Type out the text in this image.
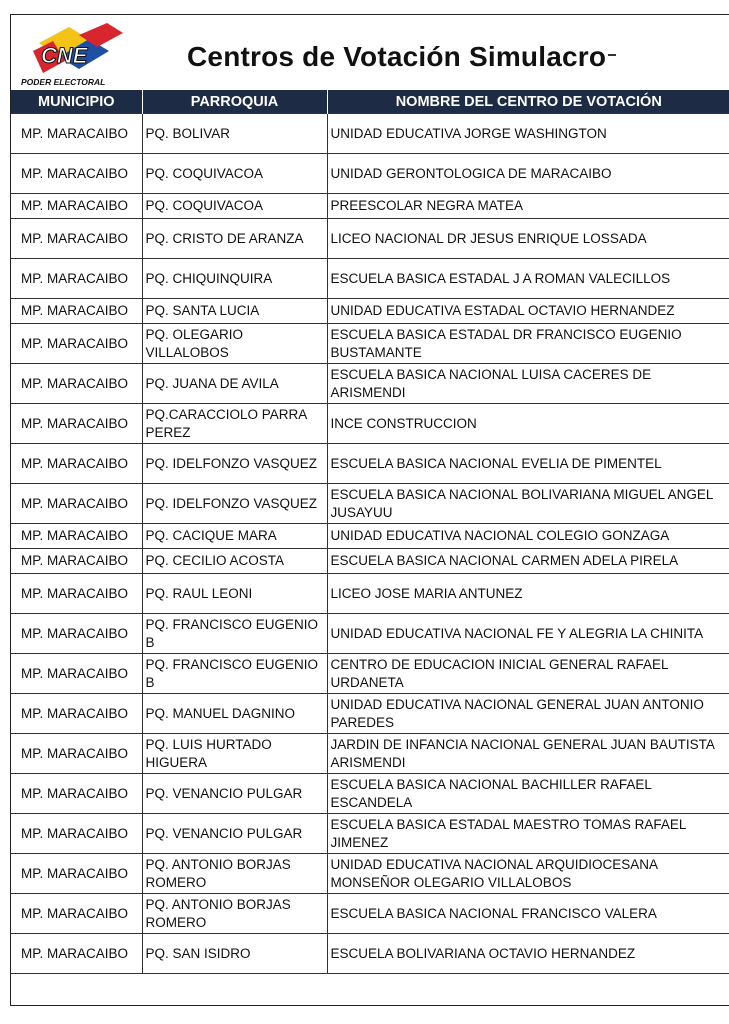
CNE
PODER ELECTORAL
Centros de Votación Simulacro
MUNICIPIO	PARROQUIA	NOMBRE DEL CENTRO DE VOTACIÓN
MP. MARACAIBO	PQ. BOLIVAR	UNIDAD EDUCATIVA JORGE WASHINGTON
MP. MARACAIBO	PQ. COQUIVACOA	UNIDAD GERONTOLOGICA DE MARACAIBO
MP. MARACAIBO	PQ. COQUIVACOA	PREESCOLAR NEGRA MATEA
MP. MARACAIBO	PQ. CRISTO DE ARANZA	LICEO NACIONAL DR JESUS ENRIQUE LOSSADA
MP. MARACAIBO	PQ. CHIQUINQUIRA	ESCUELA BASICA ESTADAL J A ROMAN VALECILLOS
MP. MARACAIBO	PQ. SANTA LUCIA	UNIDAD EDUCATIVA ESTADAL OCTAVIO HERNANDEZ
MP. MARACAIBO	PQ. OLEGARIO VILLALOBOS	ESCUELA BASICA ESTADAL DR FRANCISCO EUGENIO BUSTAMANTE
MP. MARACAIBO	PQ. JUANA DE AVILA	ESCUELA BASICA NACIONAL LUISA CACERES DE ARISMENDI
MP. MARACAIBO	PQ.CARACCIOLO PARRA PEREZ	INCE CONSTRUCCION
MP. MARACAIBO	PQ. IDELFONZO VASQUEZ	ESCUELA BASICA NACIONAL EVELIA DE PIMENTEL
MP. MARACAIBO	PQ. IDELFONZO VASQUEZ	ESCUELA BASICA NACIONAL BOLIVARIANA MIGUEL ANGEL JUSAYUU
MP. MARACAIBO	PQ. CACIQUE MARA	UNIDAD EDUCATIVA NACIONAL COLEGIO GONZAGA
MP. MARACAIBO	PQ. CECILIO ACOSTA	ESCUELA BASICA NACIONAL CARMEN ADELA PIRELA
MP. MARACAIBO	PQ. RAUL LEONI	LICEO JOSE MARIA ANTUNEZ
MP. MARACAIBO	PQ. FRANCISCO EUGENIO B	UNIDAD EDUCATIVA NACIONAL FE Y ALEGRIA LA CHINITA
MP. MARACAIBO	PQ. FRANCISCO EUGENIO B	CENTRO DE EDUCACION INICIAL GENERAL RAFAEL URDANETA
MP. MARACAIBO	PQ. MANUEL DAGNINO	UNIDAD EDUCATIVA NACIONAL GENERAL JUAN ANTONIO PAREDES
MP. MARACAIBO	PQ. LUIS HURTADO HIGUERA	JARDIN DE INFANCIA NACIONAL GENERAL JUAN BAUTISTA ARISMENDI
MP. MARACAIBO	PQ. VENANCIO PULGAR	ESCUELA BASICA NACIONAL BACHILLER RAFAEL ESCANDELA
MP. MARACAIBO	PQ. VENANCIO PULGAR	ESCUELA BASICA ESTADAL MAESTRO TOMAS RAFAEL JIMENEZ
MP. MARACAIBO	PQ. ANTONIO BORJAS ROMERO	UNIDAD EDUCATIVA NACIONAL ARQUIDIOCESANA MONSEÑOR OLEGARIO VILLALOBOS
MP. MARACAIBO	PQ. ANTONIO BORJAS ROMERO	ESCUELA BASICA NACIONAL FRANCISCO VALERA
MP. MARACAIBO	PQ. SAN ISIDRO	ESCUELA BOLIVARIANA OCTAVIO HERNANDEZ
